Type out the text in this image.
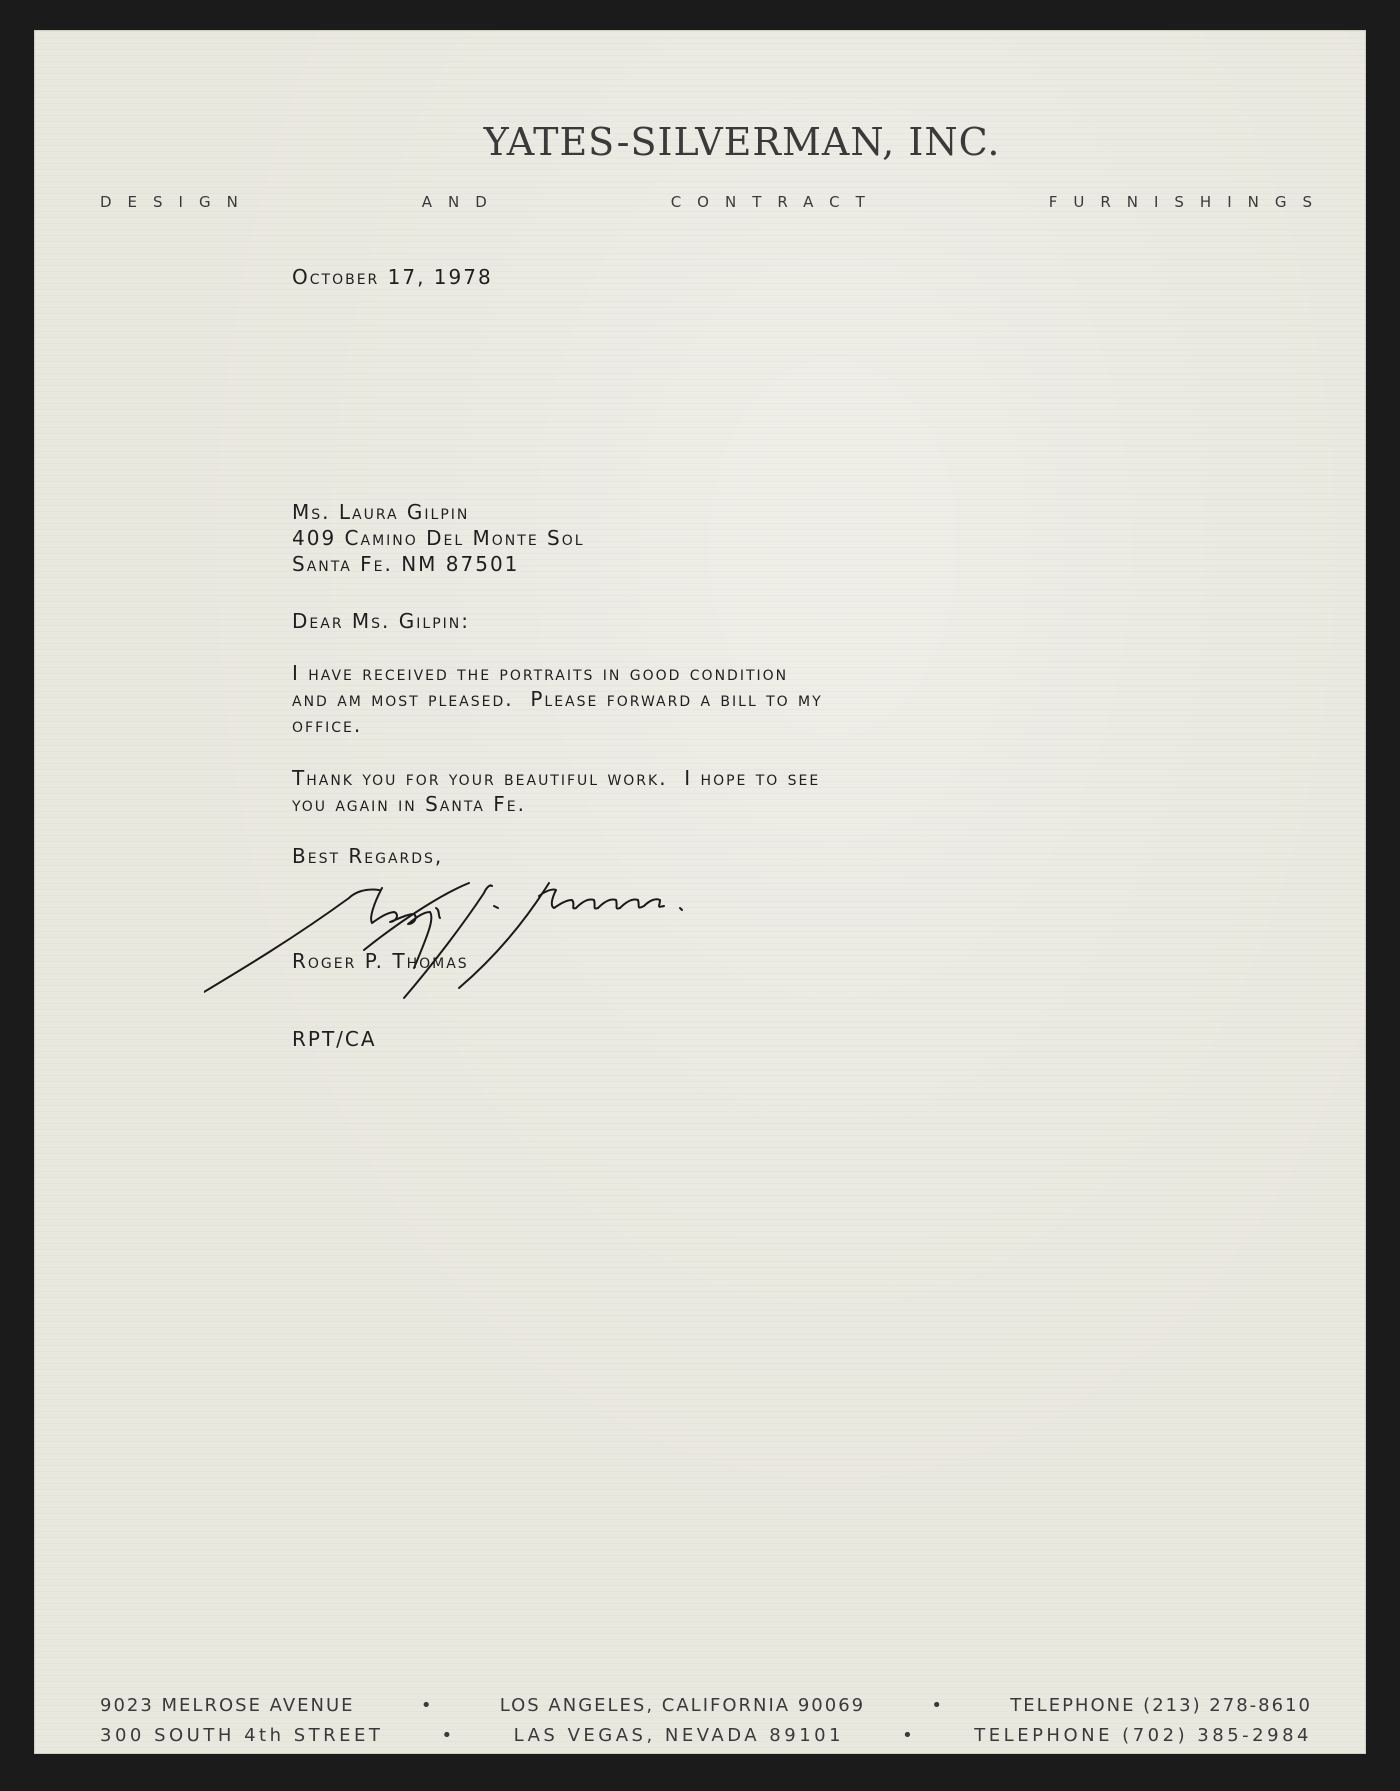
YATES-SILVERMAN, INC.
DESIGN	AND	CONTRACT	FURNISHINGS
October 17, 1978
Ms. Laura Gilpin
409 Camino Del Monte Sol
Santa Fe. NM 87501
Dear Ms. Gilpin:
I have received the portraits in good condition
and am most pleased.  Please forward a bill to my
office.
Thank you for your beautiful work.  I hope to see
you again in Santa Fe.
Best Regards,
Roger P. Thomas
RPT/CA
9023 MELROSE AVENUE	•	LOS ANGELES, CALIFORNIA 90069	•	TELEPHONE (213) 278-8610
300 SOUTH 4th STREET	•	LAS VEGAS, NEVADA 89101	•	TELEPHONE (702) 385-2984
